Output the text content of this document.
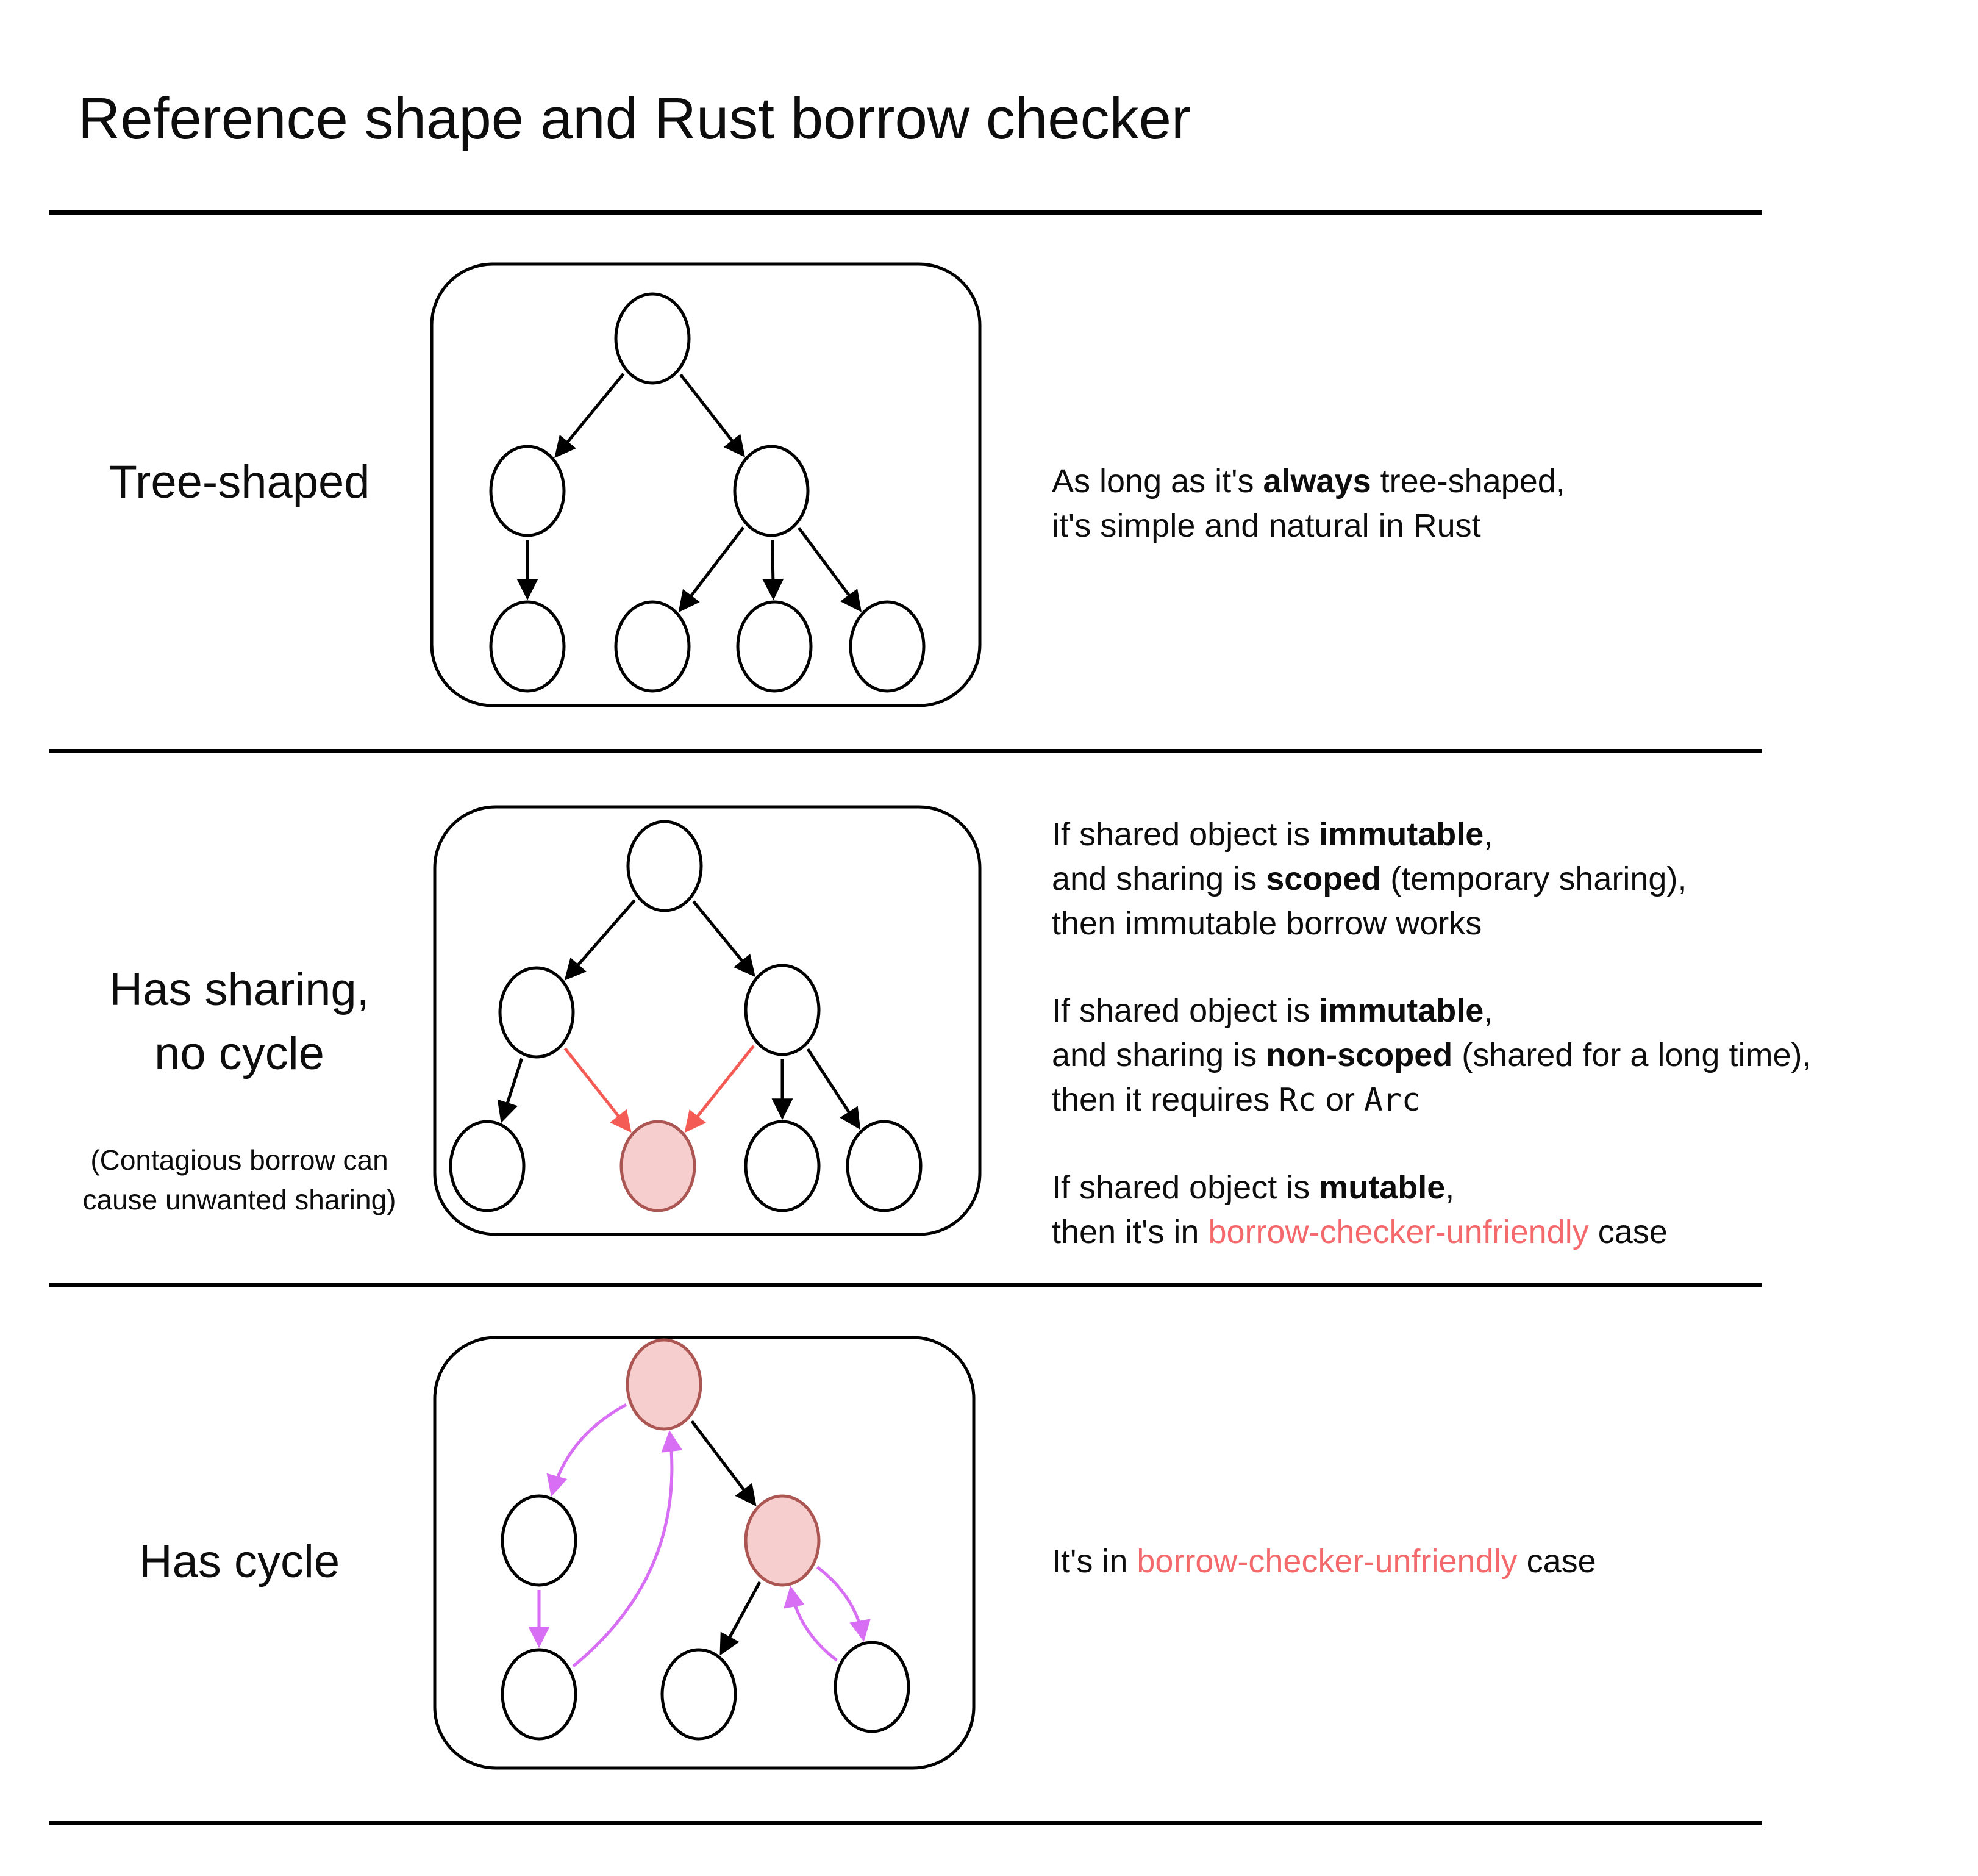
Reference shape and Rust borrow checker
Tree-shaped	As long as it's always tree-shaped,
it's simple and natural in Rust
Has sharing,
no cycle
(Contagious borrow can
cause unwanted sharing)
If shared object is immutable,
and sharing is scoped (temporary sharing),
then immutable borrow works
If shared object is immutable,
and sharing is non-scoped (shared for a long time),
then it requires Rc or Arc
If shared object is mutable,
then it's in borrow-checker-unfriendly case
Has cycle	It's in borrow-checker-unfriendly case
